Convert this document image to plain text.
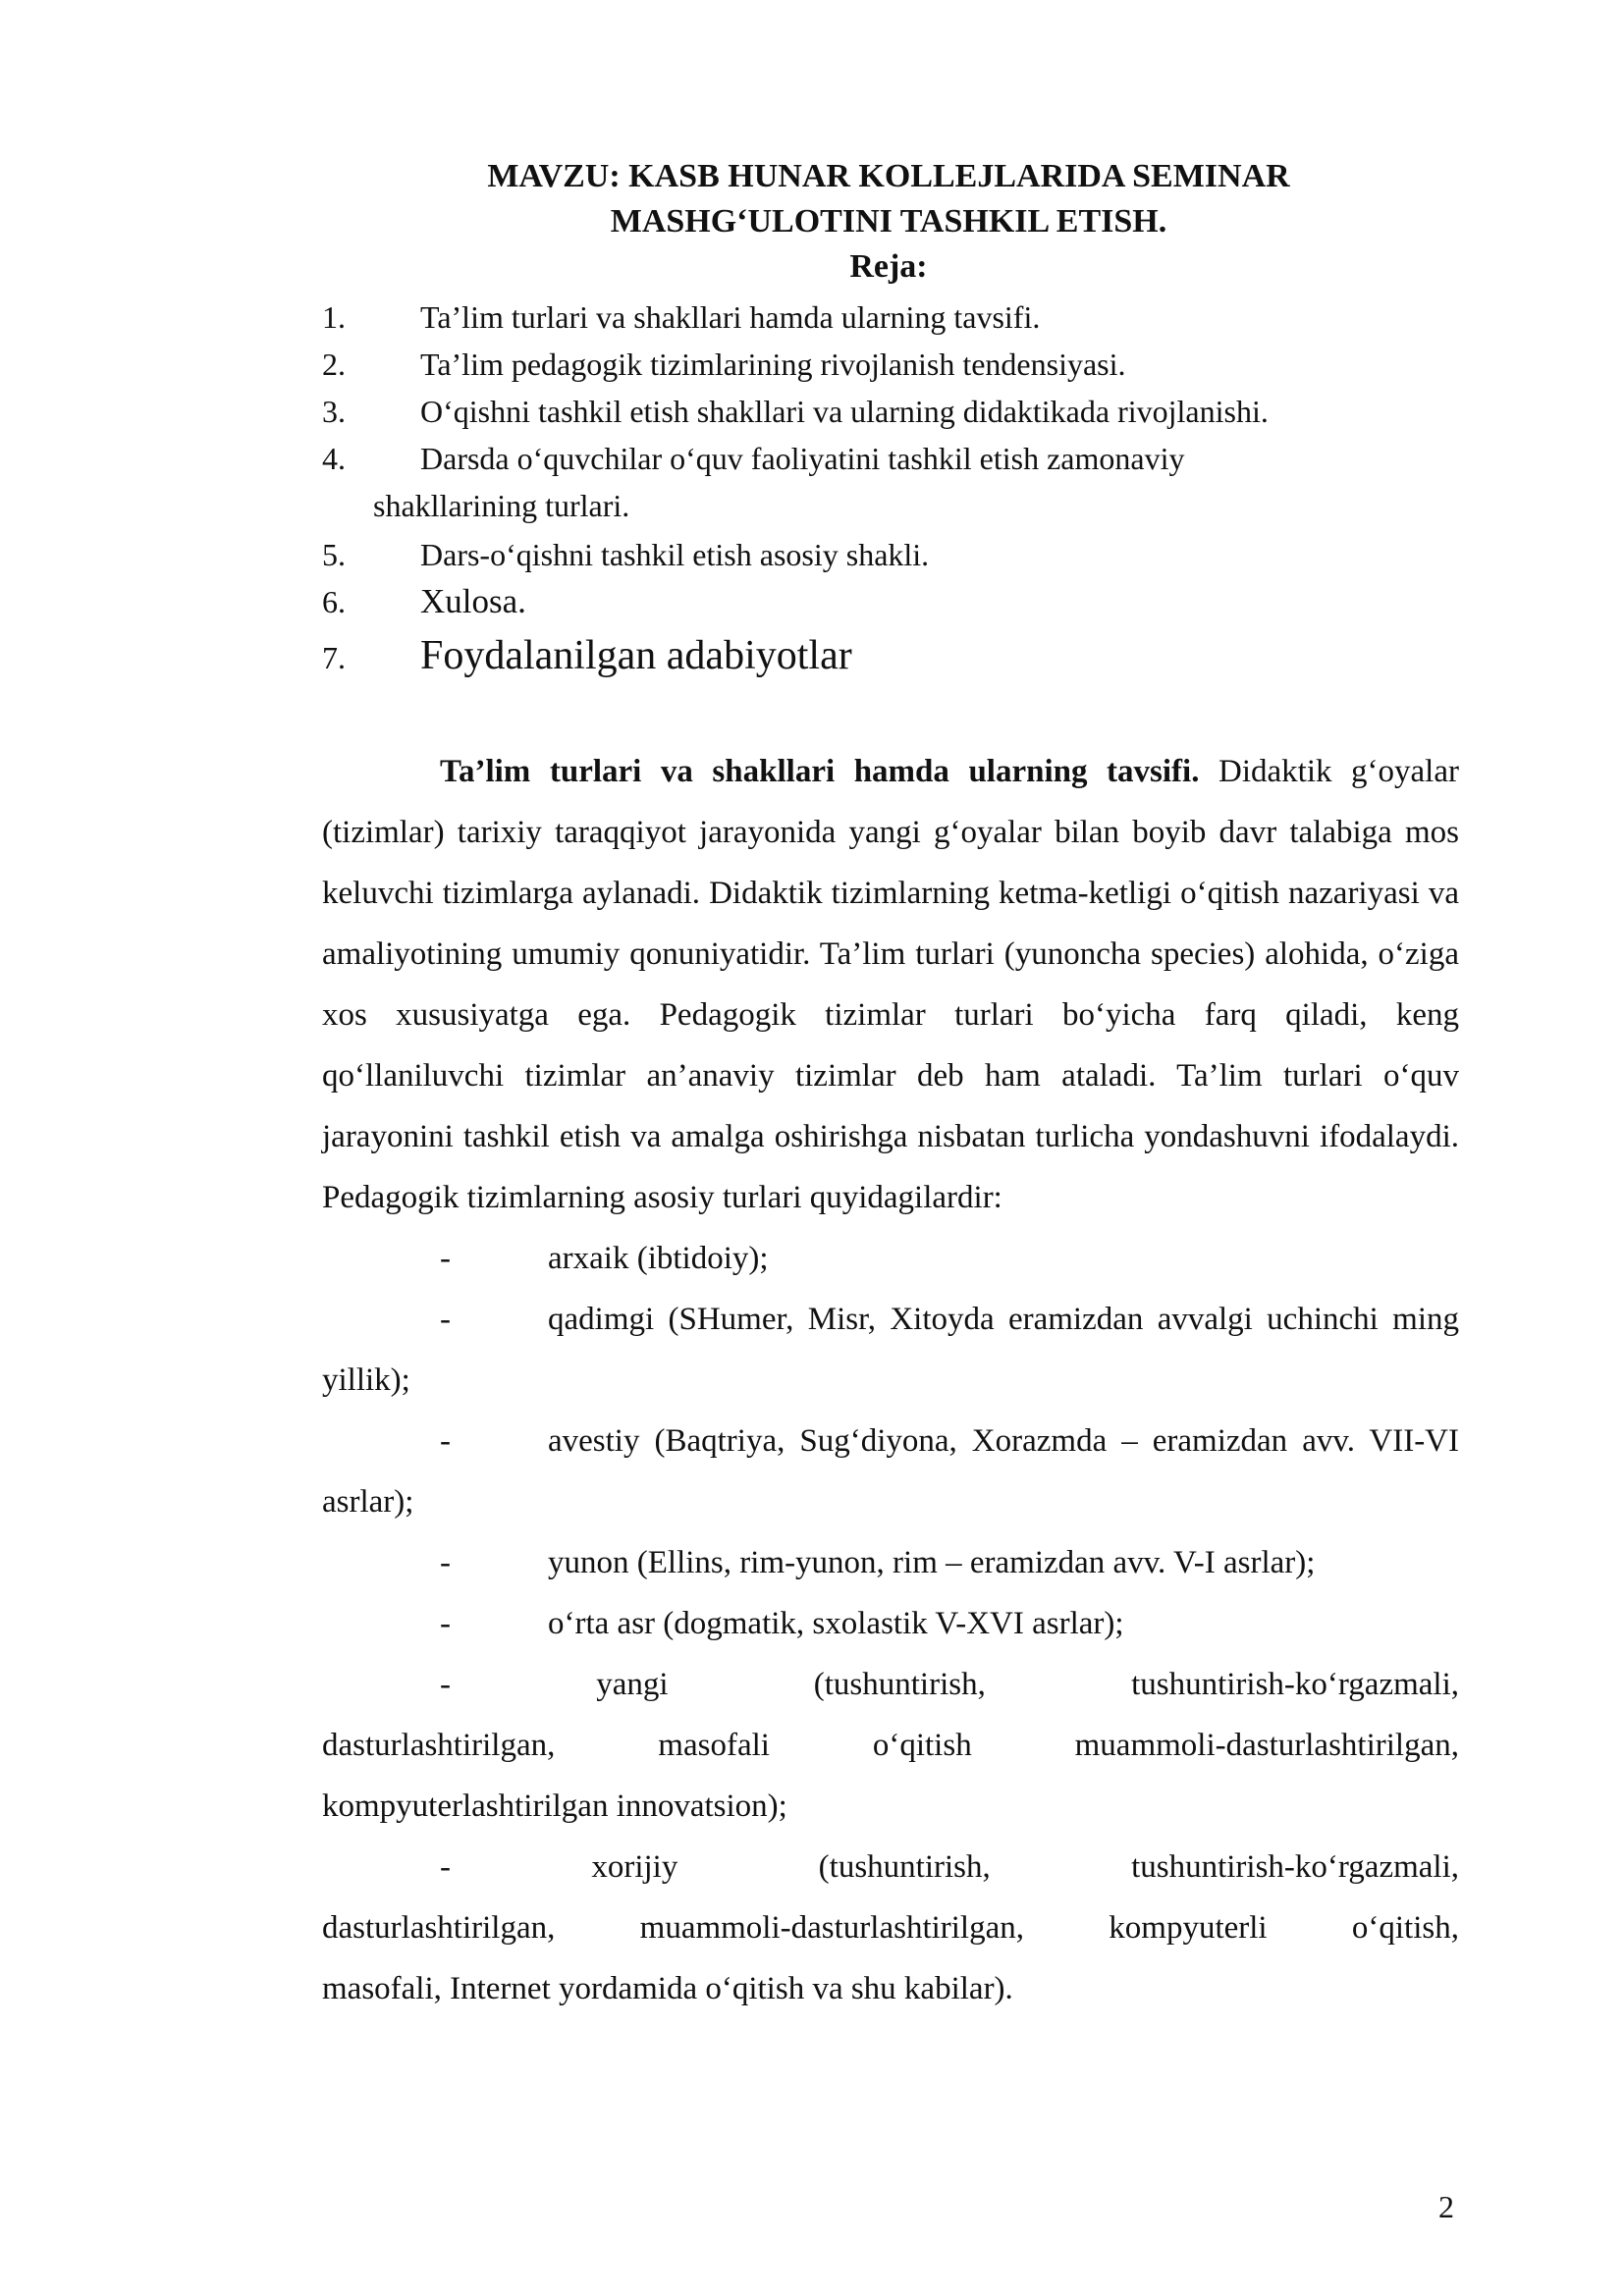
MAVZU: KASB HUNAR KOLLEJLARIDA SEMINAR
MASHG‘ULOTINI TASHKIL ETISH.
Reja:
1. Ta’lim turlari va shakllari hamda ularning tavsifi.
2. Ta’lim pedagogik tizimlarining rivojlanish tendensiyasi.
3. O‘qishni tashkil etish shakllari va ularning didaktikada rivojlanishi.
4. Darsda o‘quvchilar o‘quv faoliyatini tashkil etish zamonaviy
shakllarining turlari.
5. Dars-o‘qishni tashkil etish asosiy shakli.
6. Xulosa.
7. Foydalanilgan adabiyotlar
Ta’lim turlari va shakllari hamda ularning tavsifi. Didaktik g‘oyalar (tizimlar) tarixiy taraqqiyot jarayonida yangi g‘oyalar bilan boyib davr talabiga mos keluvchi tizimlarga aylanadi. Didaktik tizimlarning ketma-ketligi o‘qitish nazariyasi va amaliyotining umumiy qonuniyatidir. Ta’lim turlari (yunoncha species) alohida, o‘ziga xos xususiyatga ega. Pedagogik tizimlar turlari bo‘yicha farq qiladi, keng qo‘llaniluvchi tizimlar an’anaviy tizimlar deb ham ataladi. Ta’lim turlari o‘quv jarayonini tashkil etish va amalga oshirishga nisbatan turlicha yondashuvni ifodalaydi. Pedagogik tizimlarning asosiy turlari quyidagilardir:
-	arxaik (ibtidoiy);
-	qadimgi (SHumer, Misr, Xitoyda eramizdan avvalgi uchinchi ming yillik);
-	avestiy (Baqtriya, Sug‘diyona, Xorazmda – eramizdan avv. VII-VI asrlar);
-	yunon (Ellins, rim-yunon, rim – eramizdan avv. V-I asrlar);
-	o‘rta asr (dogmatik, sxolastik V-XVI asrlar);
-	yangi	(tushuntirish,	tushuntirish-ko‘rgazmali,
dasturlashtirilgan,	masofali	o‘qitish	muammoli-dasturlashtirilgan,
kompyuterlashtirilgan innovatsion);
-	xorijiy	(tushuntirish,	tushuntirish-ko‘rgazmali,
dasturlashtirilgan,	muammoli-dasturlashtirilgan,	kompyuterli	o‘qitish,
masofali, Internet yordamida o‘qitish va shu kabilar).
2
